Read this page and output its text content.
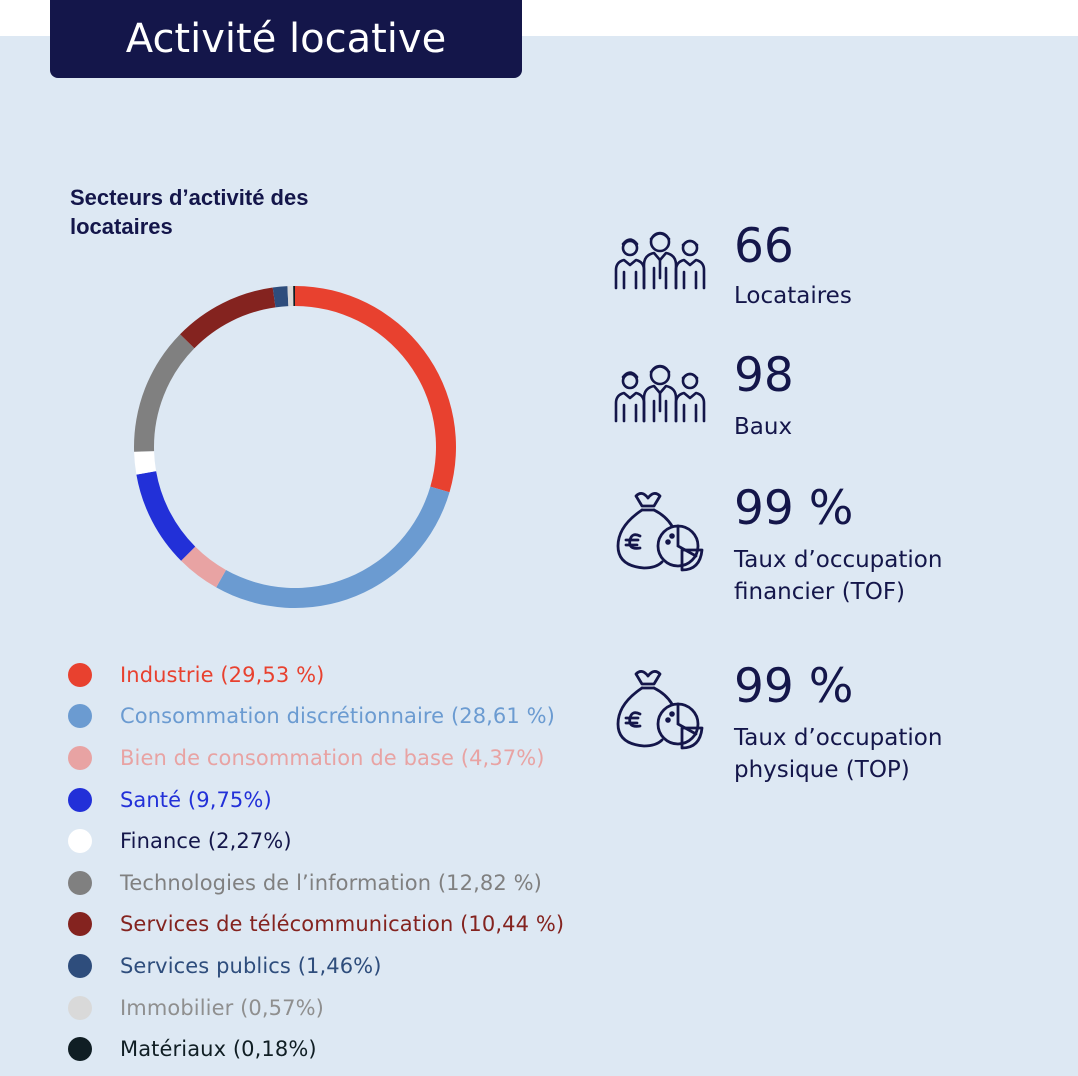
Activité locative
Secteurs d’activité des locataires
Industrie (29,53 %)
Consommation discrétionnaire (28,61 %)
Bien de consommation de base (4,37%)
Santé (9,75%)
Finance (2,27%)
Technologies de l’information (12,82 %)
Services de télécommunication (10,44 %)
Services publics (1,46%)
Immobilier (0,57%)
Matériaux (0,18%)
66
Locataires
98
Baux
99 %
Taux d’occupation
financier (TOF)
99 %
Taux d’occupation
physique (TOP)
